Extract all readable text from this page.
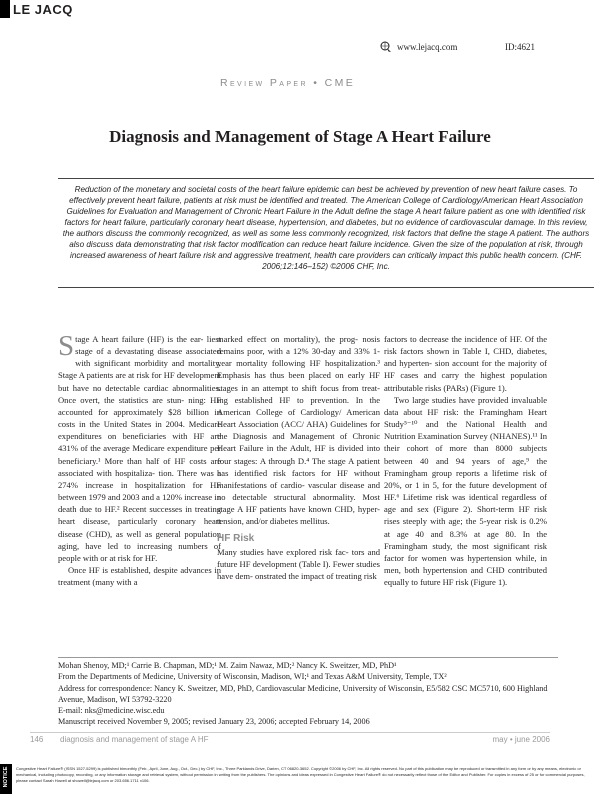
LE JACQ
www.lejacq.com	ID:4621
Review Paper • CME
Diagnosis and Management of Stage A Heart Failure
Reduction of the monetary and societal costs of the heart failure epidemic can best be achieved by prevention of new heart failure cases. To effectively prevent heart failure, patients at risk must be identified and treated. The American College of Cardiology/American Heart Association Guidelines for Evaluation and Management of Chronic Heart Failure in the Adult define the stage A heart failure patient as one with identified risk factors for heart failure, particularly coronary heart disease, hypertension, and diabetes, but no evidence of cardiovascular damage. In this review, the authors discuss the commonly recognized, as well as some less commonly recognized, risk factors that define the stage A patient. The authors also discuss data demonstrating that risk factor modification can reduce heart failure incidence. Given the size of the population at risk, through increased awareness of heart failure risk and aggressive treatment, health care providers can critically impact this public health concern. (CHF. 2006;12:146–152) ©2006 CHF, Inc.

Stage A heart failure (HF) is the ear- liest stage of a devastating disease associated with significant morbidity and mortality. Stage A patients are at risk for HF development but have no detectable cardiac abnormalities. Once overt, the statistics are stun- ning: HF accounted for approximately $28 billion in costs in the United States in 2004. Medicare expenditures on beneficiaries with HF are 431% of the average Medicare expenditure per beneficiary.¹ More than half of HF costs are associated with hospitaliza- tion. There was a 274% increase in hospitalization for HF between 1979 and 2003 and a 120% increase in death due to HF.² Recent successes in treating heart disease, particularly coronary heart disease (CHD), as well as general population aging, have led to increasing numbers of people with or at risk for HF.

Once HF is established, despite advances in treatment (many with a

marked effect on mortality), the prog- nosis remains poor, with a 12% 30-day and 33% 1-year mortality following HF hospitalization.³ Emphasis has thus been placed on early HF stages in an attempt to shift focus from treat- ing established HF to prevention. In the American College of Cardiology/ American Heart Association (ACC/ AHA) Guidelines for the Diagnosis and Management of Chronic Heart Failure in the Adult, HF is divided into four stages: A through D.⁴ The stage A patient has identified risk factors for HF without manifestations of cardio- vascular disease and no detectable structural abnormality. Most stage A HF patients have known CHD, hyper- tension, and/or diabetes mellitus.

HF Risk

Many studies have explored risk fac- tors and future HF development (Table I). Fewer studies have dem- onstrated the impact of treating risk

factors to decrease the incidence of HF. Of the risk factors shown in Table I, CHD, diabetes, and hyperten- sion account for the majority of HF cases and carry the highest population attributable risks (PARs) (Figure 1).

Two large studies have provided invaluable data about HF risk: the Framingham Heart Study⁵⁻¹⁰ and the National Health and Nutrition Examination Survey (NHANES).¹¹ In their cohort of more than 8000 subjects between 40 and 94 years of age,⁹ the Framingham group reports a lifetime risk of 20%, or 1 in 5, for the future development of HF.⁶ Lifetime risk was identical regardless of age and sex (Figure 2). Short-term HF risk rises steeply with age; the 5-year risk is 0.2% at age 40 and 8.3% at age 80. In the Framingham study, the most significant risk factor for women was hypertension while, in men, both hypertension and CHD contributed equally to future HF risk (Figure 1).

Mohan Shenoy, MD;¹ Carrie B. Chapman, MD;¹ M. Zaim Nawaz, MD;² Nancy K. Sweitzer, MD, PhD¹
From the Departments of Medicine, University of Wisconsin, Madison, WI;¹ and Texas A&M University, Temple, TX²
Address for correspondence: Nancy K. Sweitzer, MD, PhD, Cardiovascular Medicine, University of Wisconsin, E5/582 CSC MC5710, 600 Highland Avenue, Madison, WI 53792-3220
E-mail: nks@medicine.wisc.edu
Manuscript received November 9, 2005; revised January 23, 2006; accepted February 14, 2006
146 diagnosis and management of stage A HF	may • june 2006
NOTICE Congestive Heart Failure® (ISSN 1527-5299) is published bimonthly (Feb., April, June, Aug., Oct., Dec.) by CHF, Inc., Three Parklands Drive, Darien, CT 06820-3652. Copyright ©2006 by CHF, Inc. All rights reserved. No part of this publication may be reproduced or transmitted in any form or by any means, electronic or mechanical, including photocopy, recording, or any information storage and retrieval system, without permission in writing from the publishers. The opinions and ideas expressed in Congestive Heart Failure® do not necessarily reflect those of the Editor and Publisher. For copies in excess of 25 or for commercial purposes, please contact Sarah Howell at showell@lejacq.com or 203.656.1711 x106.
